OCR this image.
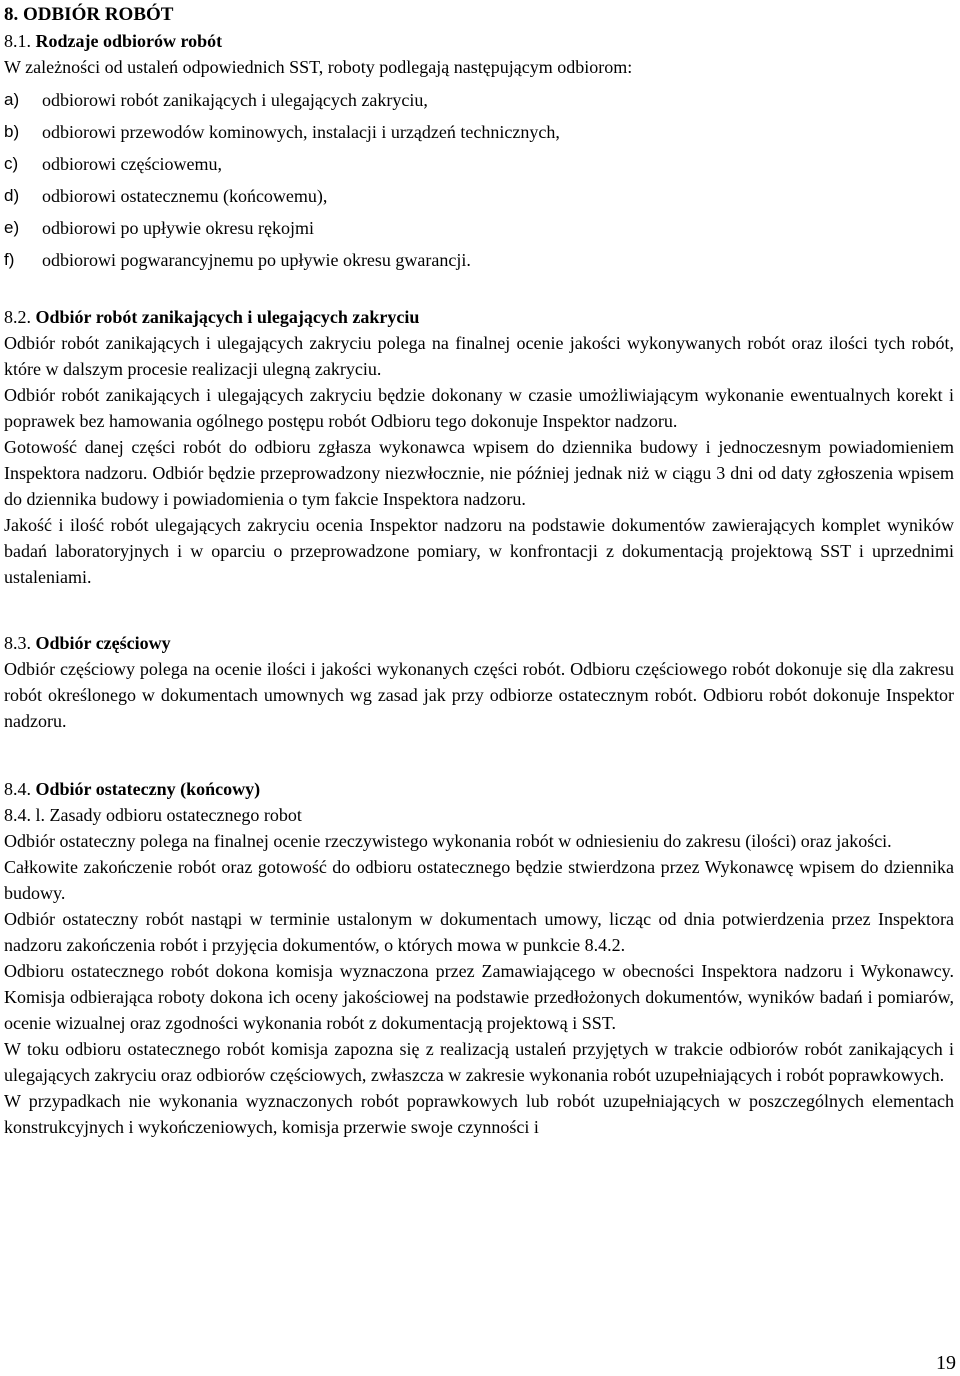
8. ODBIÓR ROBÓT
8.1. Rodzaje odbiorów robót

W zależności od ustaleń odpowiednich SST, roboty podlegają następującym odbiorom:

a)	odbiorowi robót zanikających i ulegających zakryciu,
b)	odbiorowi przewodów kominowych, instalacji i urządzeń technicznych,
c)	odbiorowi częściowemu,
d)	odbiorowi ostatecznemu (końcowemu),
e)	odbiorowi po upływie okresu rękojmi
f)	odbiorowi pogwarancyjnemu po upływie okresu gwarancji.
8.2. Odbiór robót zanikających i ulegających zakryciu

Odbiór robót zanikających i ulegających zakryciu polega na finalnej ocenie jakości wykonywanych robót oraz ilości tych robót, które w dalszym procesie realizacji ulegną zakryciu.

Odbiór robót zanikających i ulegających zakryciu będzie dokonany w czasie umożliwiającym wykonanie ewentualnych korekt i poprawek bez hamowania ogólnego postępu robót Odbioru tego dokonuje Inspektor nadzoru.

Gotowość danej części robót do odbioru zgłasza wykonawca wpisem do dziennika budowy i jednoczesnym powiadomieniem Inspektora nadzoru. Odbiór będzie przeprowadzony niezwłocznie, nie później jednak niż w ciągu 3 dni od daty zgłoszenia wpisem do dziennika budowy i powiadomienia o tym fakcie Inspektora nadzoru.

Jakość i ilość robót ulegających zakryciu ocenia Inspektor nadzoru na podstawie dokumentów zawierających komplet wyników badań laboratoryjnych i w oparciu o przeprowadzone pomiary, w konfrontacji z dokumentacją projektową SST i uprzednimi ustaleniami.

8.3. Odbiór częściowy

Odbiór częściowy polega na ocenie ilości i jakości wykonanych części robót. Odbioru częściowego robót dokonuje się dla zakresu robót określonego w dokumentach umownych wg zasad jak przy odbiorze ostatecznym robót. Odbioru robót dokonuje Inspektor nadzoru.

8.4. Odbiór ostateczny (końcowy)
8.4. l. Zasady odbioru ostatecznego robot

Odbiór ostateczny polega na finalnej ocenie rzeczywistego wykonania robót w odniesieniu do zakresu (ilości) oraz jakości.

Całkowite zakończenie robót oraz gotowość do odbioru ostatecznego będzie stwierdzona przez Wykonawcę wpisem do dziennika budowy.

Odbiór ostateczny robót nastąpi w terminie ustalonym w dokumentach umowy, licząc od dnia potwierdzenia przez Inspektora nadzoru zakończenia robót i przyjęcia dokumentów, o których mowa w punkcie 8.4.2.

Odbioru ostatecznego robót dokona komisja wyznaczona przez Zamawiającego w obecności Inspektora nadzoru i Wykonawcy. Komisja odbierająca roboty dokona ich oceny jakościowej na podstawie przedłożonych dokumentów, wyników badań i pomiarów, ocenie wizualnej oraz zgodności wykonania robót z dokumentacją projektową i SST.

W toku odbioru ostatecznego robót komisja zapozna się z realizacją ustaleń przyjętych w trakcie odbiorów robót zanikających i ulegających zakryciu oraz odbiorów częściowych, zwłaszcza w zakresie wykonania robót uzupełniających i robót poprawkowych.

W przypadkach nie wykonania wyznaczonych robót poprawkowych lub robót uzupełniających w poszczególnych elementach konstrukcyjnych i wykończeniowych, komisja przerwie swoje czynności i

19
